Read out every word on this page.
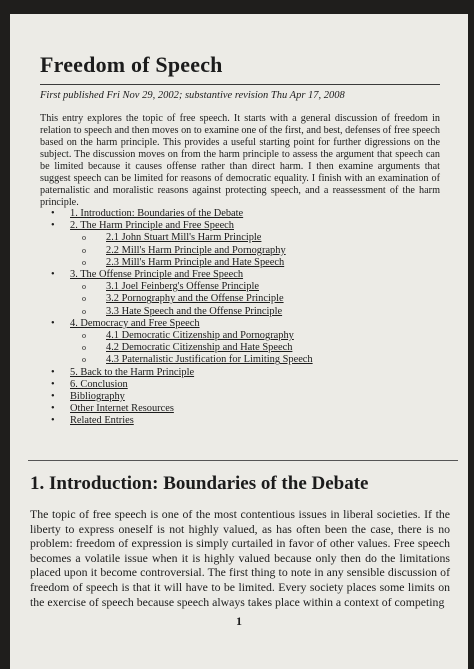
Freedom of Speech
First published Fri Nov 29, 2002; substantive revision Thu Apr 17, 2008
This entry explores the topic of free speech. It starts with a general discussion of freedom in relation to speech and then moves on to examine one of the first, and best, defenses of free speech based on the harm principle. This provides a useful starting point for further digressions on the subject. The discussion moves on from the harm principle to assess the argument that speech can be limited because it causes offense rather than direct harm. I then examine arguments that suggest speech can be limited for reasons of democratic equality. I finish with an examination of paternalistic and moralistic reasons against protecting speech, and a reassessment of the harm principle.
• 1. Introduction: Boundaries of the Debate
• 2. The Harm Principle and Free Speech
o 2.1 John Stuart Mill's Harm Principle
o 2.2 Mill's Harm Principle and Pornography
o 2.3 Mill's Harm Principle and Hate Speech
• 3. The Offense Principle and Free Speech
o 3.1 Joel Feinberg's Offense Principle
o 3.2 Pornography and the Offense Principle
o 3.3 Hate Speech and the Offense Principle
• 4. Democracy and Free Speech
o 4.1 Democratic Citizenship and Pornography
o 4.2 Democratic Citizenship and Hate Speech
o 4.3 Paternalistic Justification for Limiting Speech
• 5. Back to the Harm Principle
• 6. Conclusion
• Bibliography
• Other Internet Resources
• Related Entries
1. Introduction: Boundaries of the Debate
The topic of free speech is one of the most contentious issues in liberal societies. If the liberty to express oneself is not highly valued, as has often been the case, there is no problem: freedom of expression is simply curtailed in favor of other values. Free speech becomes a volatile issue when it is highly valued because only then do the limitations placed upon it become controversial. The first thing to note in any sensible discussion of freedom of speech is that it will have to be limited. Every society places some limits on the exercise of speech because speech always takes place within a context of competing
1
